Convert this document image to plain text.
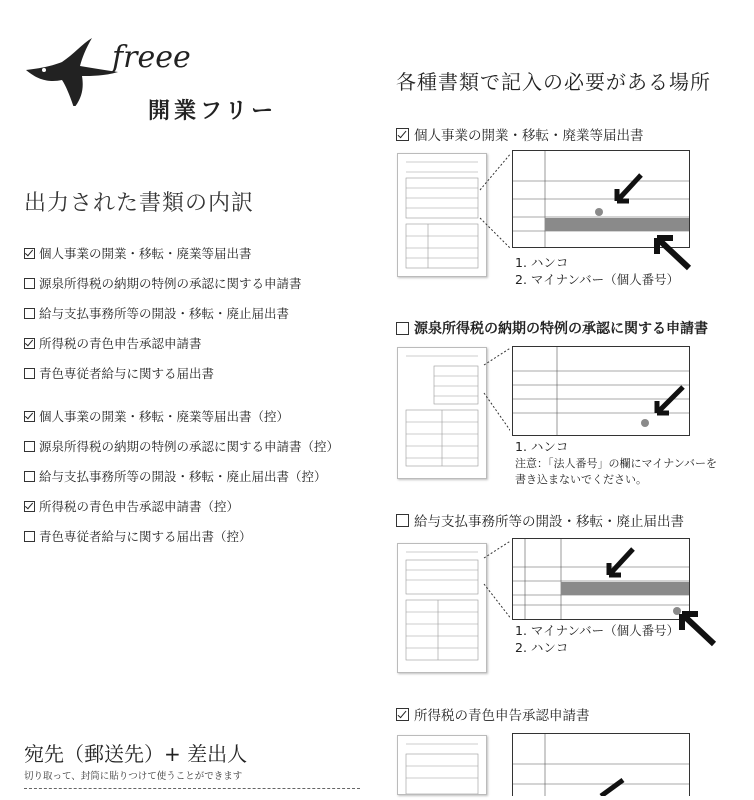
freee
開業フリー
出力された書類の内訳
個人事業の開業・移転・廃業等届出書
源泉所得税の納期の特例の承認に関する申請書
給与支払事務所等の開設・移転・廃止届出書
所得税の青色申告承認申請書
青色専従者給与に関する届出書
個人事業の開業・移転・廃業等届出書（控）
源泉所得税の納期の特例の承認に関する申請書（控）
給与支払事務所等の開設・移転・廃止届出書（控）
所得税の青色申告承認申請書（控）
青色専従者給与に関する届出書（控）
宛先（郵送先）+ 差出人
切り取って、封筒に貼りつけて使うことができます
各種書類で記入の必要がある場所
個人事業の開業・移転・廃業等届出書
1. ハンコ
2. マイナンバー（個人番号）
源泉所得税の納期の特例の承認に関する申請書
1. ハンコ
注意：「法人番号」の欄にマイナンバーを書き込まないでください。
給与支払事務所等の開設・移転・廃止届出書
1. マイナンバー（個人番号）
2. ハンコ
所得税の青色申告承認申請書
